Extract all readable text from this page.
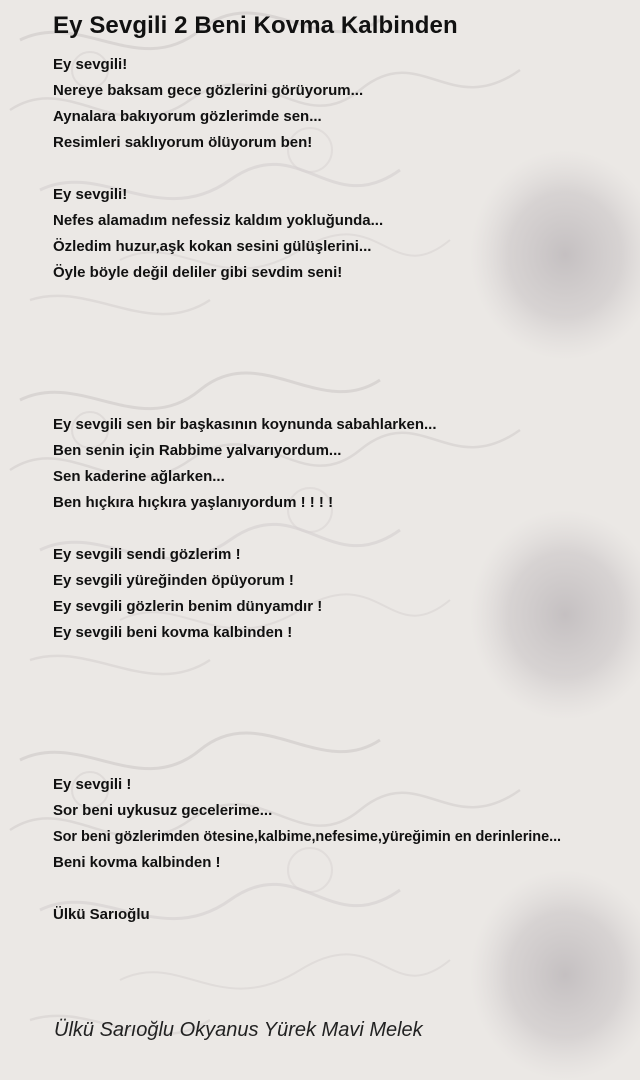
Ey Sevgili 2 Beni Kovma Kalbinden

Ey sevgili!

Nereye baksam gece gözlerini görüyorum...

Aynalara bakıyorum gözlerimde sen...

Resimleri saklıyorum ölüyorum ben!

Ey sevgili!

Nefes alamadım nefessiz kaldım yokluğunda...

Özledim huzur,aşk kokan sesini gülüşlerini...

Öyle böyle değil deliler gibi sevdim seni!

Ey sevgili sen bir başkasının koynunda sabahlarken...

Ben senin için Rabbime yalvarıyordum...

Sen kaderine ağlarken...

Ben hıçkıra hıçkıra yaşlanıyordum ! ! ! !

Ey sevgili sendi gözlerim !

Ey sevgili yüreğinden öpüyorum !

Ey sevgili gözlerin benim dünyamdır !

Ey sevgili beni kovma kalbinden !

Ey sevgili !

Sor beni uykusuz gecelerime...

Sor beni gözlerimden ötesine,kalbime,nefesime,yüreğimin en derinlerine...

Beni kovma kalbinden !

Ülkü Sarıoğlu

Ülkü Sarıoğlu Okyanus Yürek Mavi Melek
